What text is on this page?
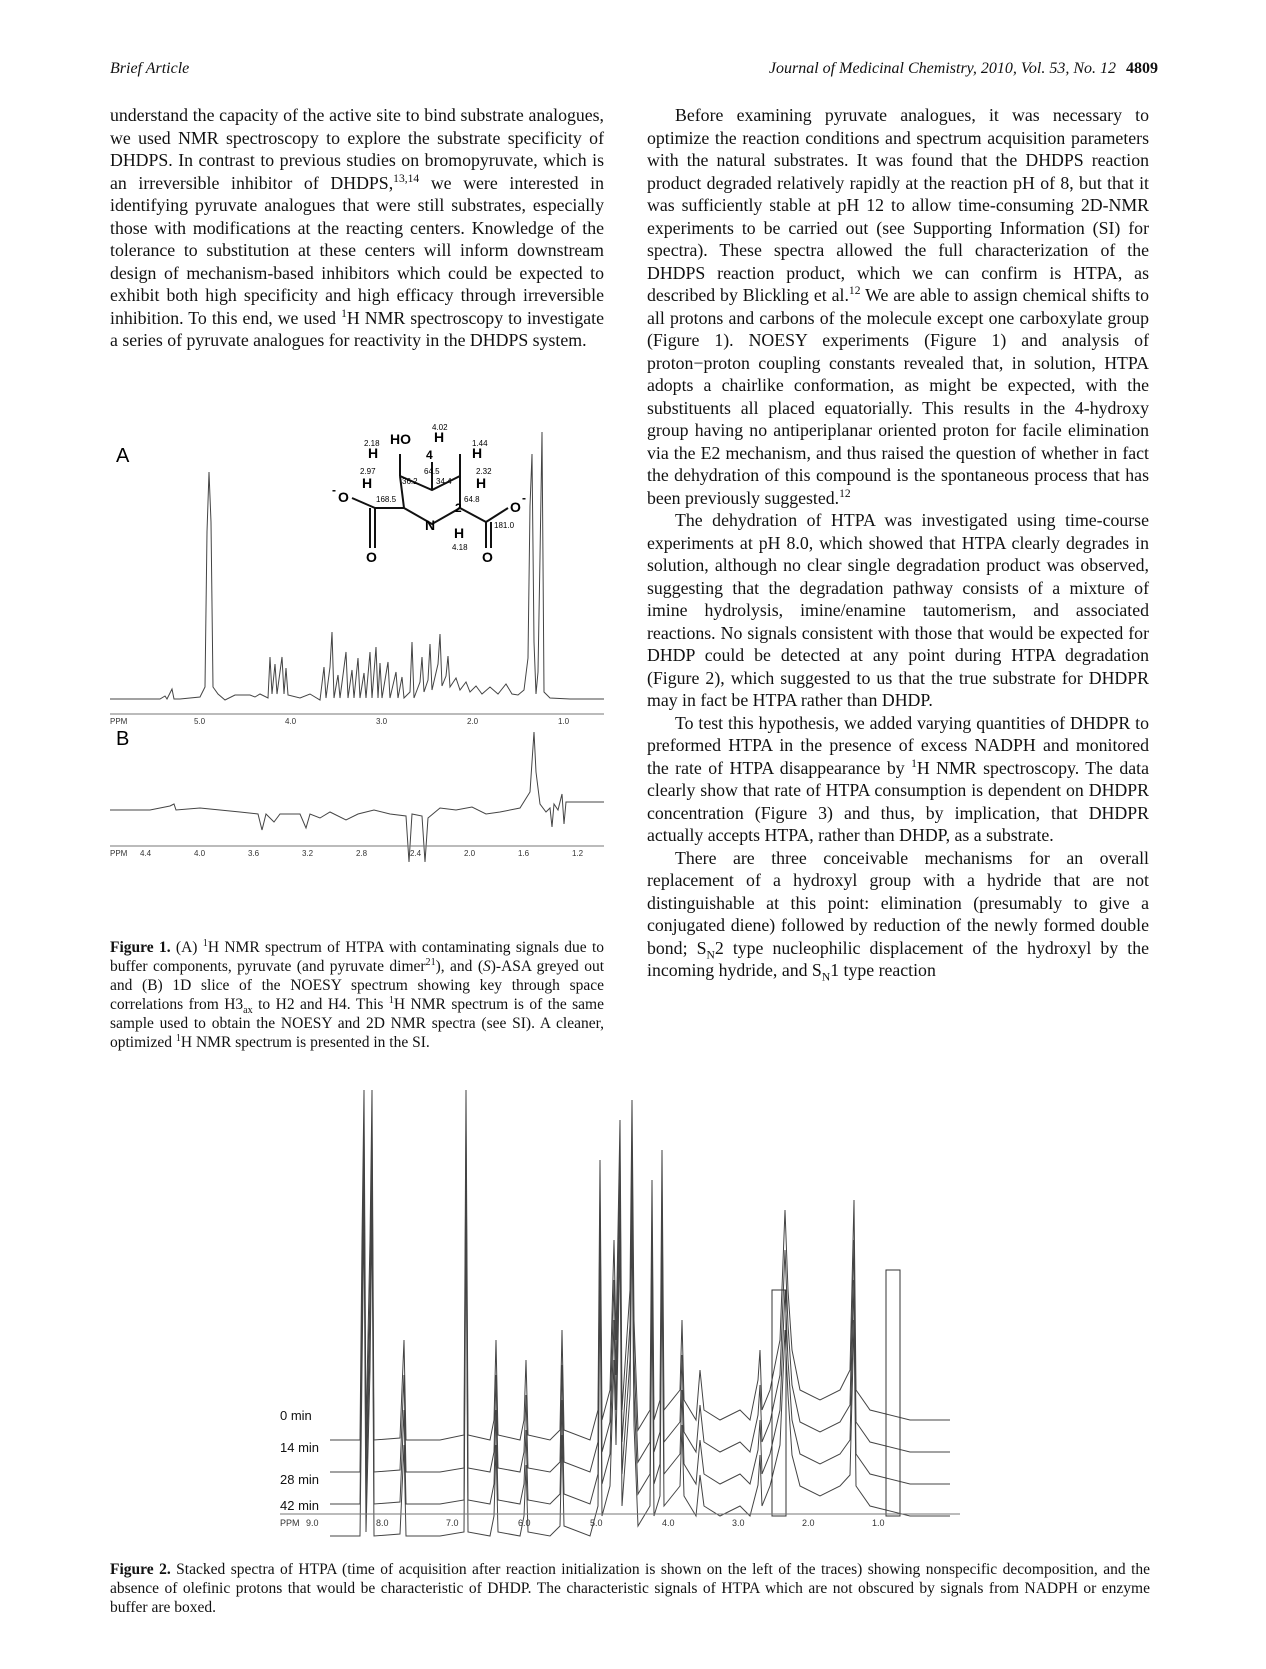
Brief Article	Journal of Medicinal Chemistry, 2010, Vol. 53, No. 12 4809

understand the capacity of the active site to bind substrate analogues, we used NMR spectroscopy to explore the substrate specificity of DHDPS. In contrast to previous studies on bromopyruvate, which is an irreversible inhibitor of DHDPS,$^{13,14}$ we were interested in identifying pyruvate analogues that were still substrates, especially those with modifications at the reacting centers. Knowledge of the tolerance to substitution at these centers will inform downstream design of mechanism-based inhibitors which could be expected to exhibit both high specificity and high efficacy through irreversible inhibition. To this end, we used $^1$H NMR spectroscopy to investigate a series of pyruvate analogues for reactivity in the DHDPS system.

Before examining pyruvate analogues, it was necessary to optimize the reaction conditions and spectrum acquisition parameters with the natural substrates. It was found that the DHDPS reaction product degraded relatively rapidly at the reaction pH of 8, but that it was sufficiently stable at pH 12 to allow time-consuming 2D-NMR experiments to be carried out (see Supporting Information (SI) for spectra). These spectra allowed the full characterization of the DHDPS reaction product, which we can confirm is HTPA, as described by Blickling et al.$^{12}$ We are able to assign chemical shifts to all protons and carbons of the molecule except one carboxylate group (Figure 1). NOESY experiments (Figure 1) and analysis of proton−proton coupling constants revealed that, in solution, HTPA adopts a chairlike conformation, as might be expected, with the substituents all placed equatorially. This results in the 4-hydroxy group having no antiperiplanar oriented proton for facile elimination via the E2 mechanism, and thus raised the question of whether in fact the dehydration of this compound is the spontaneous process that has been previously suggested.$^{12}$

The dehydration of HTPA was investigated using time-course experiments at pH 8.0, which showed that HTPA clearly degrades in solution, although no clear single degradation product was observed, suggesting that the degradation pathway consists of a mixture of imine hydrolysis, imine/enamine tautomerism, and associated reactions. No signals consistent with those that would be expected for DHDP could be detected at any point during HTPA degradation (Figure 2), which suggested to us that the true substrate for DHDPR may in fact be HTPA rather than DHDP.

To test this hypothesis, we added varying quantities of DHDPR to preformed HTPA in the presence of excess NADPH and monitored the rate of HTPA disappearance by $^1$H NMR spectroscopy. The data clearly show that rate of HTPA consumption is dependent on DHDPR concentration (Figure 3) and thus, by implication, that DHDPR actually accepts HTPA, rather than DHDP, as a substrate.

There are three conceivable mechanisms for an overall replacement of a hydroxyl group with a hydride that are not distinguishable at this point: elimination (presumably to give a conjugated diene) followed by reduction of the newly formed double bond; $S_N2$ type nucleophilic displacement of the hydroxyl by the incoming hydride, and $S_N1$ type reaction

A
B
PPM	5.0	4.0	3.0	2.0	1.0
PPM 4.4	4.0	3.6	3.2	2.8	2.4	2.0	1.6	1.2
HO
4.02
H
2.18
H
2.97
H
1.44
H
2.32
H
4
64.5
36.2 34.4
168.5	64.8
2
181.0
N H
4.18
O
-
O
O
-
O
Figure 1. (A) $^1$H NMR spectrum of HTPA with contaminating signals due to buffer components, pyruvate (and pyruvate dimer$^{21}$), and (S)-ASA greyed out and (B) 1D slice of the NOESY spectrum showing key through space correlations from $H3_{ax}$ to H2 and H4. This $^1$H NMR spectrum is of the same sample used to obtain the NOESY and 2D NMR spectra (see SI). A cleaner, optimized $^1$H NMR spectrum is presented in the SI.
0 min
14 min
28 min
42 min
PPM 9.0	8.0	7.0	6.0	5.0	4.0	3.0	2.0	1.0
Figure 2. Stacked spectra of HTPA (time of acquisition after reaction initialization is shown on the left of the traces) showing nonspecific decomposition, and the absence of olefinic protons that would be characteristic of DHDP. The characteristic signals of HTPA which are not obscured by signals from NADPH or enzyme buffer are boxed.
